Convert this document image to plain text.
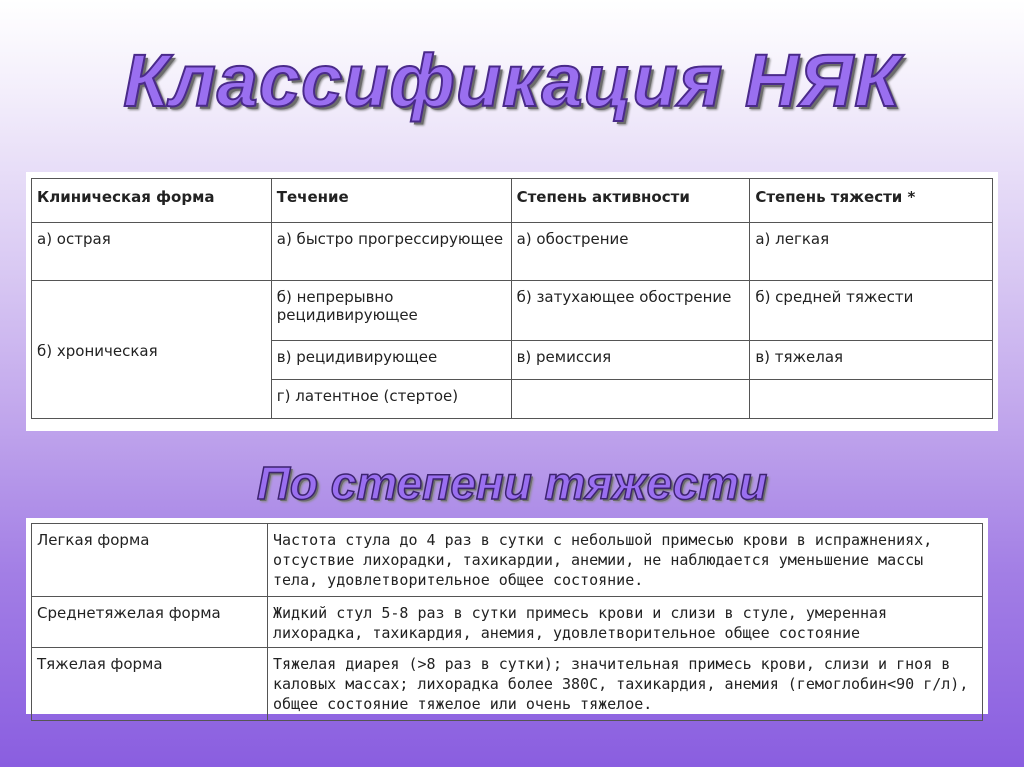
Классификация НЯК
Клиническая форма	Течение	Степень активности	Степень тяжести *
а) острая	а) быстро прогрессирующее	а) обострение	а) легкая
б) хроническая	б) непрерывно рецидивирующее	б) затухающее обострение	б) средней тяжести
	в) рецидивирующее	в) ремиссия	в) тяжелая
	г) латентное (стертое)		
По степени тяжести
Легкая форма	Частота стула до 4 раз в сутки с небольшой примесью крови в испражнениях, отсуствие лихорадки, тахикардии, анемии, не наблюдается уменьшение массы тела, удовлетворительное общее состояние.
Среднетяжелая форма	Жидкий стул 5-8 раз в сутки примесь крови и слизи в стуле, умеренная лихорадка, тахикардия, анемия, удовлетворительное общее состояние
Тяжелая форма	Тяжелая диарея (>8 раз в сутки); значительная примесь крови, слизи и гноя в каловых массах; лихорадка более 380С, тахикардия, анемия (гемоглобин<90 г/л), общее состояние тяжелое или очень тяжелое.
